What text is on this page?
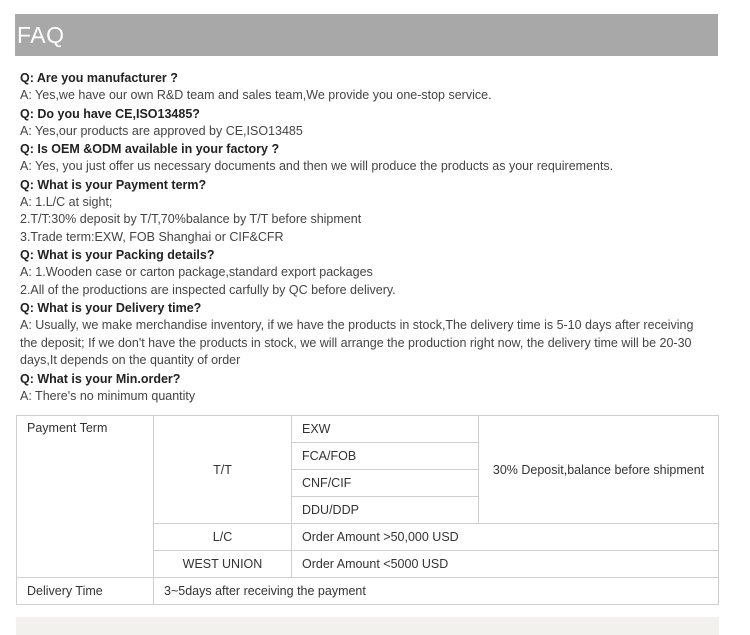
FAQ
Q: Are you manufacturer ?
A: Yes,we have our own R&D team and sales team,We provide you one-stop service.
Q: Do you have CE,ISO13485?
A: Yes,our products are approved by CE,ISO13485
Q: Is OEM &ODM available in your factory ?
A: Yes, you just offer us necessary documents and then we will produce the products as your requirements.
Q: What is your Payment term?
A: 1.L/C at sight;
2.T/T:30% deposit by T/T,70%balance by T/T before shipment
3.Trade term:EXW, FOB Shanghai or CIF&CFR
Q: What is your Packing details?
A: 1.Wooden case or carton package,standard export packages
2.All of the productions are inspected carfully by QC before delivery.
Q: What is your Delivery time?
A: Usually, we make merchandise inventory, if we have the products in stock,The delivery time is 5-10 days after receiving
the deposit; If we don't have the products in stock, we will arrange the production right now, the delivery time will be 20-30
days,It depends on the quantity of order
Q: What is your Min.order?
A: There's no minimum quantity
Payment Term	T/T	EXW	30% Deposit,balance before shipment
		FCA/FOB	
		CNF/CIF	
		DDU/DDP	
	L/C	Order Amount >50,000 USD	
	WEST UNION	Order Amount <5000 USD	
Delivery Time	3~5days after receiving the payment		
